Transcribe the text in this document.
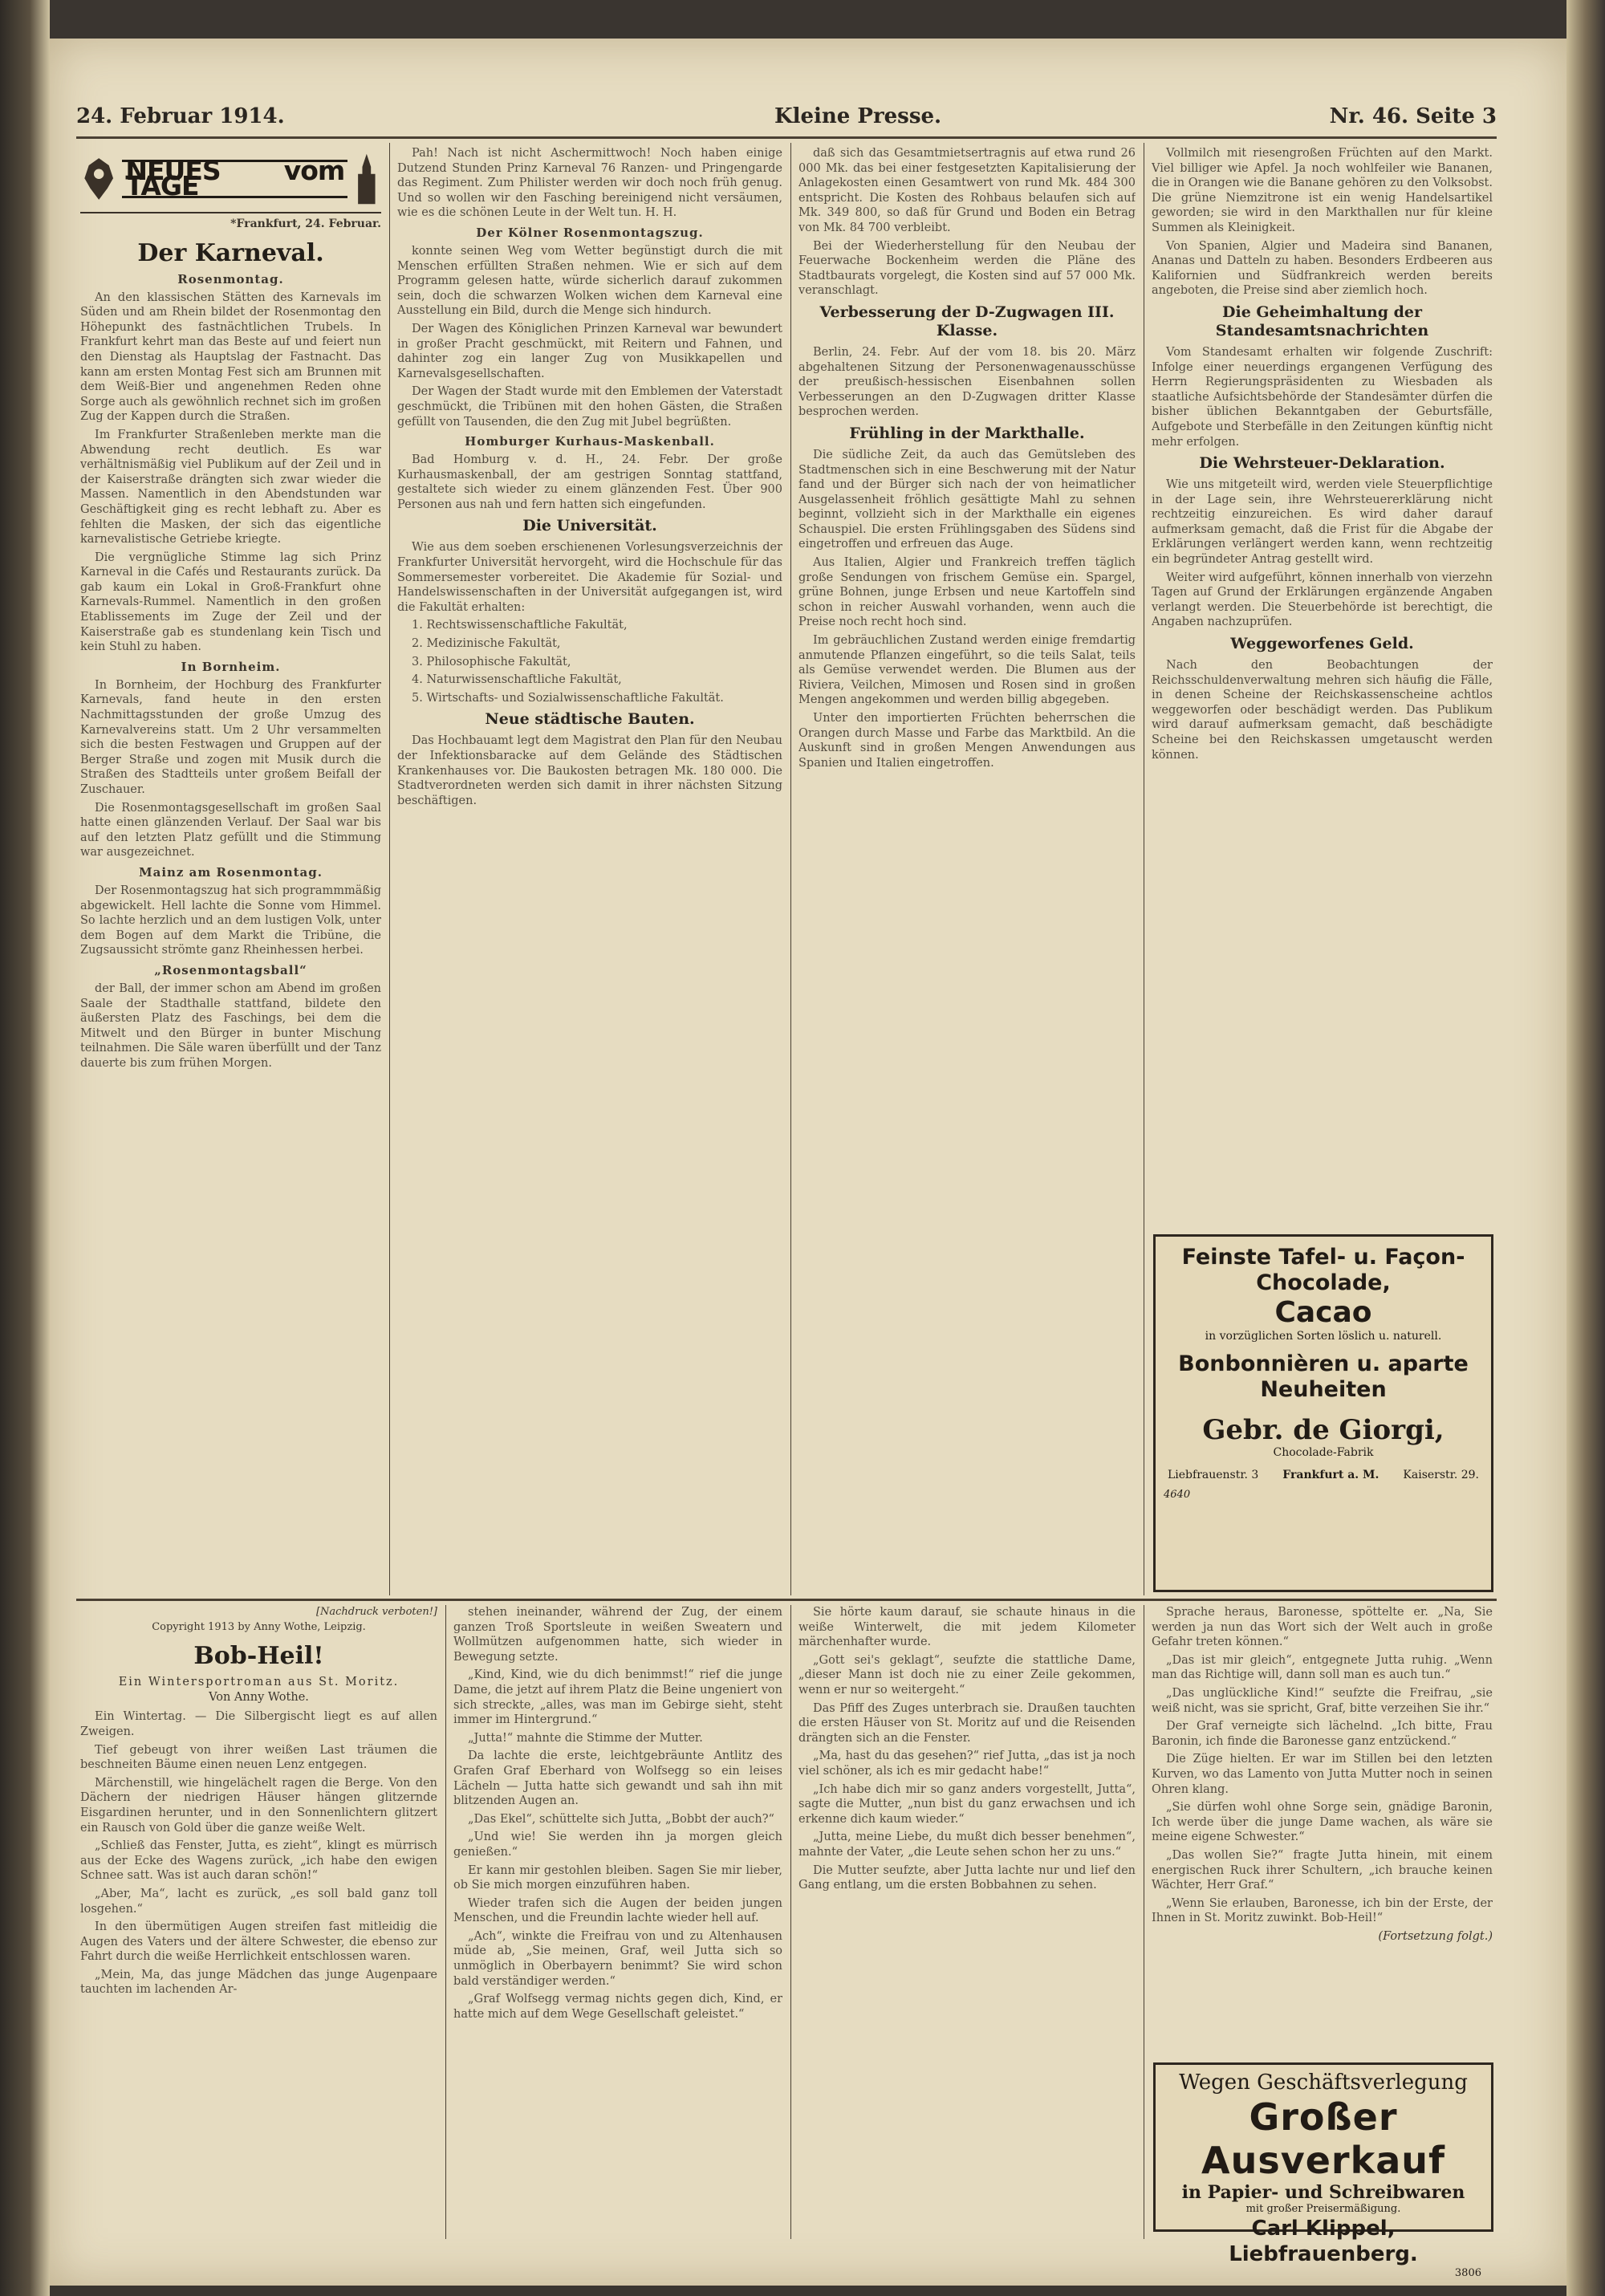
24. Februar 1914.	Kleine Presse.	Nr. 46. Seite 3
NEUES vom TAGE
*Frankfurt, 24. Februar.
Der Karneval.
Rosenmontag.

An den klassischen Stätten des Karnevals im Süden und am Rhein bildet der Rosenmontag den Höhepunkt des fastnächtlichen Trubels. In Frankfurt kehrt man das Beste auf und feiert nun den Dienstag als Hauptslag der Fastnacht. Das kann am ersten Montag Fest sich am Brunnen mit dem Weiß-Bier und angenehmen Reden ohne Sorge auch als gewöhnlich rechnet sich im großen Zug der Kappen durch die Straßen.

Im Frankfurter Straßenleben merkte man die Abwendung recht deutlich. Es war verhältnismäßig viel Publikum auf der Zeil und in der Kaiserstraße drängten sich zwar wieder die Massen. Namentlich in den Abendstunden war Geschäftigkeit ging es recht lebhaft zu. Aber es fehlten die Masken, der sich das eigentliche karnevalistische Getriebe kriegte.

Die vergnügliche Stimme lag sich Prinz Karneval in die Cafés und Restaurants zurück. Da gab kaum ein Lokal in Groß-Frankfurt ohne Karnevals-Rummel. Namentlich in den großen Etablissements im Zuge der Zeil und der Kaiserstraße gab es stundenlang kein Tisch und kein Stuhl zu haben.

In Bornheim.

In Bornheim, der Hochburg des Frankfurter Karnevals, fand heute in den ersten Nachmittagsstunden der große Umzug des Karnevalvereins statt. Um 2 Uhr versammelten sich die besten Festwagen und Gruppen auf der Berger Straße und zogen mit Musik durch die Straßen des Stadtteils unter großem Beifall der Zuschauer.

Die Rosenmontagsgesellschaft im großen Saal hatte einen glänzenden Verlauf. Der Saal war bis auf den letzten Platz gefüllt und die Stimmung war ausgezeichnet.

Mainz am Rosenmontag.

Der Rosenmontagszug hat sich programmmäßig abgewickelt. Hell lachte die Sonne vom Himmel. So lachte herzlich und an dem lustigen Volk, unter dem Bogen auf dem Markt die Tribüne, die Zugsaussicht strömte ganz Rheinhessen herbei.

„Rosenmontagsball“

der Ball, der immer schon am Abend im großen Saale der Stadthalle stattfand, bildete den äußersten Platz des Faschings, bei dem die Mitwelt und den Bürger in bunter Mischung teilnahmen. Die Säle waren überfüllt und der Tanz dauerte bis zum frühen Morgen.

Pah! Nach ist nicht Aschermittwoch! Noch haben einige Dutzend Stunden Prinz Karneval 76 Ranzen- und Pringengarde das Regiment. Zum Philister werden wir doch noch früh genug. Und so wollen wir den Fasching bereinigend nicht versäumen, wie es die schönen Leute in der Welt tun. H. H.

Der Kölner Rosenmontagszug.

konnte seinen Weg vom Wetter begünstigt durch die mit Menschen erfüllten Straßen nehmen. Wie er sich auf dem Programm gelesen hatte, würde sicherlich darauf zukommen sein, doch die schwarzen Wolken wichen dem Karneval eine Ausstellung ein Bild, durch die Menge sich hindurch.

Der Wagen des Königlichen Prinzen Karneval war bewundert in großer Pracht geschmückt, mit Reitern und Fahnen, und dahinter zog ein langer Zug von Musikkapellen und Karnevalsgesellschaften.

Der Wagen der Stadt wurde mit den Emblemen der Vaterstadt geschmückt, die Tribünen mit den hohen Gästen, die Straßen gefüllt von Tausenden, die den Zug mit Jubel begrüßten.

Homburger Kurhaus-Maskenball.

Bad Homburg v. d. H., 24. Febr. Der große Kurhausmaskenball, der am gestrigen Sonntag stattfand, gestaltete sich wieder zu einem glänzenden Fest. Über 900 Personen aus nah und fern hatten sich eingefunden.

Die Universität.

Wie aus dem soeben erschienenen Vorlesungsverzeichnis der Frankfurter Universität hervorgeht, wird die Hochschule für das Sommersemester vorbereitet. Die Akademie für Sozial- und Handelswissenschaften in der Universität aufgegangen ist, wird die Fakultät erhalten:

1. Rechtswissenschaftliche Fakultät,

2. Medizinische Fakultät,

3. Philosophische Fakultät,

4. Naturwissenschaftliche Fakultät,

5. Wirtschafts- und Sozialwissenschaftliche Fakultät.

Neue städtische Bauten.

Das Hochbauamt legt dem Magistrat den Plan für den Neubau der Infektionsbaracke auf dem Gelände des Städtischen Krankenhauses vor. Die Baukosten betragen Mk. 180 000. Die Stadtverordneten werden sich damit in ihrer nächsten Sitzung beschäftigen.

daß sich das Gesamtmietsertragnis auf etwa rund 26 000 Mk. das bei einer festgesetzten Kapitalisierung der Anlagekosten einen Gesamtwert von rund Mk. 484 300 entspricht. Die Kosten des Rohbaus belaufen sich auf Mk. 349 800, so daß für Grund und Boden ein Betrag von Mk. 84 700 verbleibt.

Bei der Wiederherstellung für den Neubau der Feuerwache Bockenheim werden die Pläne des Stadtbaurats vorgelegt, die Kosten sind auf 57 000 Mk. veranschlagt.

Verbesserung der D-Zugwagen III. Klasse.

Berlin, 24. Febr. Auf der vom 18. bis 20. März abgehaltenen Sitzung der Personenwagenausschüsse der preußisch-hessischen Eisenbahnen sollen Verbesserungen an den D-Zugwagen dritter Klasse besprochen werden.

Frühling in der Markthalle.

Die südliche Zeit, da auch das Gemütsleben des Stadtmenschen sich in eine Beschwerung mit der Natur fand und der Bürger sich nach der von heimatlicher Ausgelassenheit fröhlich gesättigte Mahl zu sehnen beginnt, vollzieht sich in der Markthalle ein eigenes Schauspiel. Die ersten Frühlingsgaben des Südens sind eingetroffen und erfreuen das Auge.

Aus Italien, Algier und Frankreich treffen täglich große Sendungen von frischem Gemüse ein. Spargel, grüne Bohnen, junge Erbsen und neue Kartoffeln sind schon in reicher Auswahl vorhanden, wenn auch die Preise noch recht hoch sind.

Im gebräuchlichen Zustand werden einige fremdartig anmutende Pflanzen eingeführt, so die teils Salat, teils als Gemüse verwendet werden. Die Blumen aus der Riviera, Veilchen, Mimosen und Rosen sind in großen Mengen angekommen und werden billig abgegeben.

Unter den importierten Früchten beherrschen die Orangen durch Masse und Farbe das Marktbild. An die Auskunft sind in großen Mengen Anwendungen aus Spanien und Italien eingetroffen.

Vollmilch mit riesengroßen Früchten auf den Markt. Viel billiger wie Apfel. Ja noch wohlfeiler wie Bananen, die in Orangen wie die Banane gehören zu den Volksobst. Die grüne Niemzitrone ist ein wenig Handelsartikel geworden; sie wird in den Markthallen nur für kleine Summen als Kleinigkeit.

Von Spanien, Algier und Madeira sind Bananen, Ananas und Datteln zu haben. Besonders Erdbeeren aus Kalifornien und Südfrankreich werden bereits angeboten, die Preise sind aber ziemlich hoch.

Die Geheimhaltung der Standesamtsnachrichten

Vom Standesamt erhalten wir folgende Zuschrift: Infolge einer neuerdings ergangenen Verfügung des Herrn Regierungspräsidenten zu Wiesbaden als staatliche Aufsichtsbehörde der Standesämter dürfen die bisher üblichen Bekanntgaben der Geburtsfälle, Aufgebote und Sterbefälle in den Zeitungen künftig nicht mehr erfolgen.

Die Wehrsteuer-Deklaration.

Wie uns mitgeteilt wird, werden viele Steuerpflichtige in der Lage sein, ihre Wehrsteuererklärung nicht rechtzeitig einzureichen. Es wird daher darauf aufmerksam gemacht, daß die Frist für die Abgabe der Erklärungen verlängert werden kann, wenn rechtzeitig ein begründeter Antrag gestellt wird.

Weiter wird aufgeführt, können innerhalb von vierzehn Tagen auf Grund der Erklärungen ergänzende Angaben verlangt werden. Die Steuerbehörde ist berechtigt, die Angaben nachzuprüfen.

Weggeworfenes Geld.

Nach den Beobachtungen der Reichsschuldenverwaltung mehren sich häufig die Fälle, in denen Scheine der Reichskassenscheine achtlos weggeworfen oder beschädigt werden. Das Publikum wird darauf aufmerksam gemacht, daß beschädigte Scheine bei den Reichskassen umgetauscht werden können.

Feinste Tafel- u. Façon-Chocolade,
Cacao
in vorzüglichen Sorten löslich u. naturell.
Bonbonnièren u. aparte Neuheiten
Gebr. de Giorgi,
Chocolade-Fabrik
Liebfrauenstr. 3 Frankfurt a. M. Kaiserstr. 29.
4640
[Nachdruck verboten!]
Copyright 1913 by Anny Wothe, Leipzig.
Bob-Heil!
Ein Wintersportroman aus St. Moritz.
Von Anny Wothe.

Ein Wintertag. — Die Silbergischt liegt es auf allen Zweigen.

Tief gebeugt von ihrer weißen Last träumen die beschneiten Bäume einen neuen Lenz entgegen.

Märchenstill, wie hingelächelt ragen die Berge. Von den Dächern der niedrigen Häuser hängen glitzernde Eisgardinen herunter, und in den Sonnenlichtern glitzert ein Rausch von Gold über die ganze weiße Welt.

„Schließ das Fenster, Jutta, es zieht“, klingt es mürrisch aus der Ecke des Wagens zurück, „ich habe den ewigen Schnee satt. Was ist auch daran schön!“

„Aber, Ma“, lacht es zurück, „es soll bald ganz toll losgehen.“

In den übermütigen Augen streifen fast mitleidig die Augen des Vaters und der ältere Schwester, die ebenso zur Fahrt durch die weiße Herrlichkeit entschlossen waren.

„Mein, Ma, das junge Mädchen das junge Augenpaare tauchten im lachenden Ar-

stehen ineinander, während der Zug, der einem ganzen Troß Sportsleute in weißen Sweatern und Wollmützen aufgenommen hatte, sich wieder in Bewegung setzte.

„Kind, Kind, wie du dich benimmst!“ rief die junge Dame, die jetzt auf ihrem Platz die Beine ungeniert von sich streckte, „alles, was man im Gebirge sieht, steht immer im Hintergrund.“

„Jutta!“ mahnte die Stimme der Mutter.

Da lachte die erste, leichtgebräunte Antlitz des Grafen Graf Eberhard von Wolfsegg so ein leises Lächeln — Jutta hatte sich gewandt und sah ihn mit blitzenden Augen an.

„Das Ekel“, schüttelte sich Jutta, „Bobbt der auch?“

„Und wie! Sie werden ihn ja morgen gleich genießen.“

Er kann mir gestohlen bleiben. Sagen Sie mir lieber, ob Sie mich morgen einzuführen haben.

Wieder trafen sich die Augen der beiden jungen Menschen, und die Freundin lachte wieder hell auf.

„Ach“, winkte die Freifrau von und zu Altenhausen müde ab, „Sie meinen, Graf, weil Jutta sich so unmöglich in Oberbayern benimmt? Sie wird schon bald verständiger werden.“

„Graf Wolfsegg vermag nichts gegen dich, Kind, er hatte mich auf dem Wege Gesellschaft geleistet.“

Sie hörte kaum darauf, sie schaute hinaus in die weiße Winterwelt, die mit jedem Kilometer märchenhafter wurde.

„Gott sei's geklagt“, seufzte die stattliche Dame, „dieser Mann ist doch nie zu einer Zeile gekommen, wenn er nur so weitergeht.“

Das Pfiff des Zuges unterbrach sie. Draußen tauchten die ersten Häuser von St. Moritz auf und die Reisenden drängten sich an die Fenster.

„Ma, hast du das gesehen?“ rief Jutta, „das ist ja noch viel schöner, als ich es mir gedacht habe!“

„Ich habe dich mir so ganz anders vorgestellt, Jutta“, sagte die Mutter, „nun bist du ganz erwachsen und ich erkenne dich kaum wieder.“

„Jutta, meine Liebe, du mußt dich besser benehmen“, mahnte der Vater, „die Leute sehen schon her zu uns.“

Die Mutter seufzte, aber Jutta lachte nur und lief den Gang entlang, um die ersten Bobbahnen zu sehen.

Sprache heraus, Baronesse, spöttelte er. „Na, Sie werden ja nun das Wort sich der Welt auch in große Gefahr treten können.“

„Das ist mir gleich“, entgegnete Jutta ruhig. „Wenn man das Richtige will, dann soll man es auch tun.“

„Das unglückliche Kind!“ seufzte die Freifrau, „sie weiß nicht, was sie spricht, Graf, bitte verzeihen Sie ihr.“

Der Graf verneigte sich lächelnd. „Ich bitte, Frau Baronin, ich finde die Baronesse ganz entzückend.“

Die Züge hielten. Er war im Stillen bei den letzten Kurven, wo das Lamento von Jutta Mutter noch in seinen Ohren klang.

„Sie dürfen wohl ohne Sorge sein, gnädige Baronin, Ich werde über die junge Dame wachen, als wäre sie meine eigene Schwester.“

„Das wollen Sie?“ fragte Jutta hinein, mit einem energischen Ruck ihrer Schultern, „ich brauche keinen Wächter, Herr Graf.“

„Wenn Sie erlauben, Baronesse, ich bin der Erste, der Ihnen in St. Moritz zuwinkt. Bob-Heil!“

(Fortsetzung folgt.)
Wegen Geschäftsverlegung
Großer Ausverkauf
in Papier- und Schreibwaren
mit großer Preisermäßigung.
Carl Klippel, Liebfrauenberg.
3806
